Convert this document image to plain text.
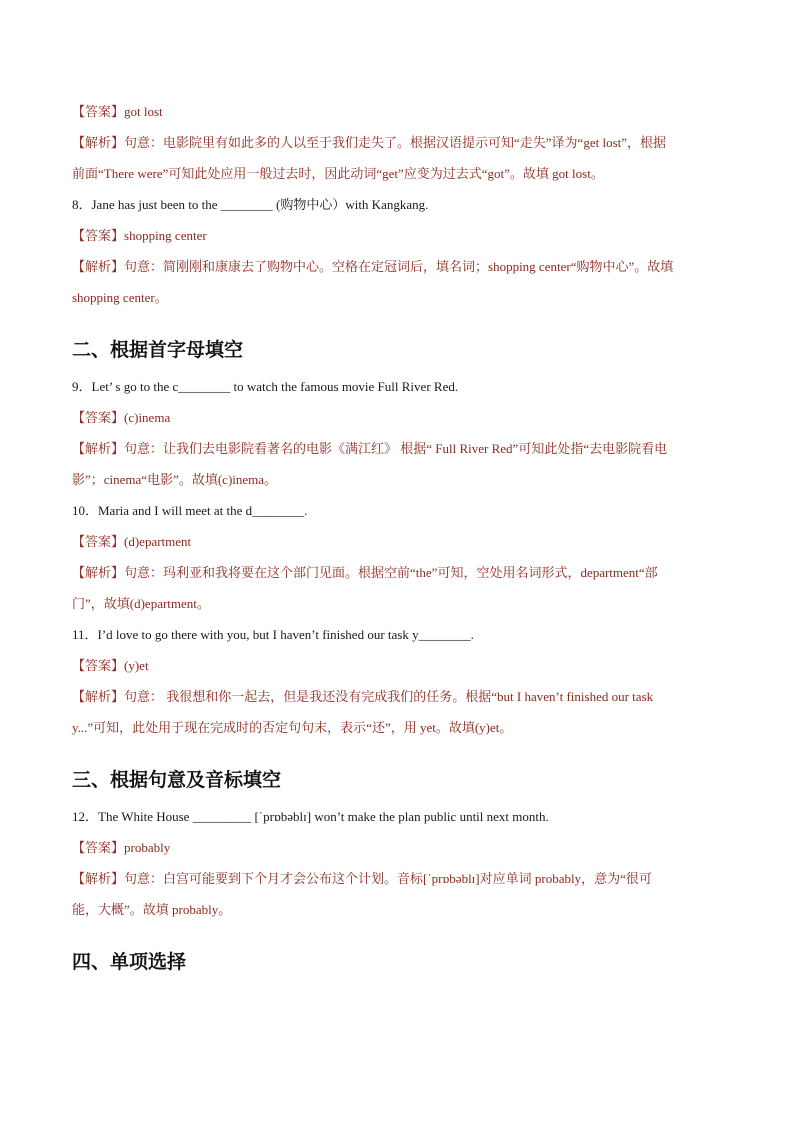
【答案】got lost
【解析】句意：电影院里有如此多的人以至于我们走失了。根据汉语提示可知“走失”译为“get lost”，根据
前面“There were”可知此处应用一般过去时，因此动词“get”应变为过去式“got”。故填 got lost。
8．Jane has just been to the ________ (购物中心）with Kangkang.
【答案】shopping center
【解析】句意：简刚刚和康康去了购物中心。空格在定冠词后，填名词；shopping center“购物中心”。故填
shopping center。
二、根据首字母填空
9．Let’ s go to the c________ to watch the famous movie Full River Red.
【答案】(c)inema
【解析】句意：让我们去电影院看著名的电影《满江红》 根据“ Full River Red”可知此处指“去电影院看电
影”；cinema“电影”。故填(c)inema。
10．Maria and I will meet at the d________.
【答案】(d)epartment
【解析】句意：玛利亚和我将要在这个部门见面。根据空前“the”可知，空处用名词形式，department“部
门”，故填(d)epartment。
11．I’d love to go there with you, but I haven’t finished our task y________.
【答案】(y)et
【解析】句意： 我很想和你一起去，但是我还没有完成我们的任务。根据“but I haven’t finished our task
y...”可知，此处用于现在完成时的否定句句末，表示“还”，用 yet。故填(y)et。
三、根据句意及音标填空
12．The White House _________ [ˈprɒbəblɪ] won’t make the plan public until next month.
【答案】probably
【解析】句意：白宫可能要到下个月才会公布这个计划。音标[ˈprɒbəblɪ]对应单词 probably，意为“很可
能，大概”。故填 probably。
四、单项选择
